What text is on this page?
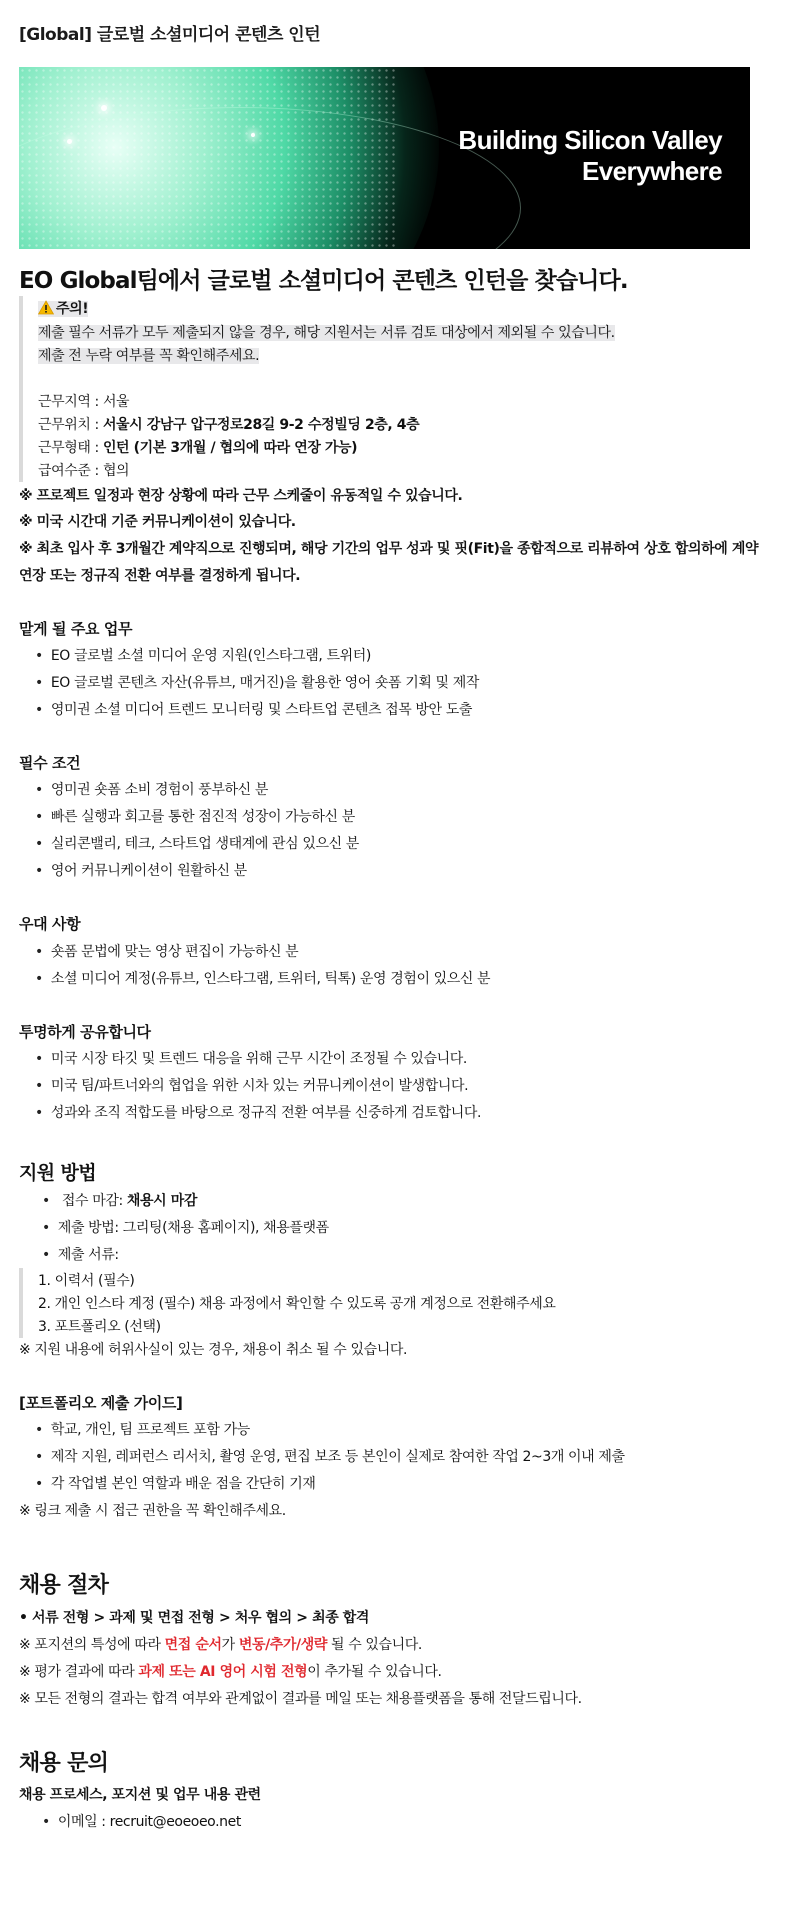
[Global] 글로벌 소셜미디어 콘텐츠 인턴
Building Silicon Valley
Everywhere
EO Global팀에서 글로벌 소셜미디어 콘텐츠 인턴을 찾습니다.
주의!
제출 필수 서류가 모두 제출되지 않을 경우, 해당 지원서는 서류 검토 대상에서 제외될 수 있습니다.
제출 전 누락 여부를 꼭 확인해주세요.
근무지역 : 서울
근무위치 : 서울시 강남구 압구정로28길 9-2 수정빌딩 2층, 4층
근무형태 : 인턴 (기본 3개월 / 협의에 따라 연장 가능)
급여수준 : 협의
※ 프로젝트 일정과 현장 상황에 따라 근무 스케줄이 유동적일 수 있습니다.
※ 미국 시간대 기준 커뮤니케이션이 있습니다.
※ 최초 입사 후 3개월간 계약직으로 진행되며, 해당 기간의 업무 성과 및 핏(Fit)을 종합적으로 리뷰하여 상호 합의하에 계약
연장 또는 정규직 전환 여부를 결정하게 됩니다.
맡게 될 주요 업무
• EO 글로벌 소셜 미디어 운영 지원(인스타그램, 트위터)
• EO 글로벌 콘텐츠 자산(유튜브, 매거진)을 활용한 영어 숏폼 기획 및 제작
• 영미권 소셜 미디어 트렌드 모니터링 및 스타트업 콘텐츠 접목 방안 도출
필수 조건
• 영미권 숏폼 소비 경험이 풍부하신 분
• 빠른 실행과 회고를 통한 점진적 성장이 가능하신 분
• 실리콘밸리, 테크, 스타트업 생태계에 관심 있으신 분
• 영어 커뮤니케이션이 원활하신 분
우대 사항
• 숏폼 문법에 맞는 영상 편집이 가능하신 분
• 소셜 미디어 계정(유튜브, 인스타그램, 트위터, 틱톡) 운영 경험이 있으신 분
투명하게 공유합니다
• 미국 시장 타깃 및 트렌드 대응을 위해 근무 시간이 조정될 수 있습니다.
• 미국 팀/파트너와의 협업을 위한 시차 있는 커뮤니케이션이 발생합니다.
• 성과와 조직 적합도를 바탕으로 정규직 전환 여부를 신중하게 검토합니다.
지원 방법
• 접수 마감: 채용시 마감
• 제출 방법: 그리팅(채용 홈페이지), 채용플랫폼
• 제출 서류:
1. 이력서 (필수)
2. 개인 인스타 계정 (필수) 채용 과정에서 확인할 수 있도록 공개 계정으로 전환해주세요
3. 포트폴리오 (선택)
※ 지원 내용에 허위사실이 있는 경우, 채용이 취소 될 수 있습니다.
[포트폴리오 제출 가이드]
• 학교, 개인, 팀 프로젝트 포함 가능
• 제작 지원, 레퍼런스 리서치, 촬영 운영, 편집 보조 등 본인이 실제로 참여한 작업 2~3개 이내 제출
• 각 작업별 본인 역할과 배운 점을 간단히 기재
※ 링크 제출 시 접근 권한을 꼭 확인해주세요.
채용 절차
• 서류 전형 > 과제 및 면접 전형 > 처우 협의 > 최종 합격
※ 포지션의 특성에 따라 면접 순서가 변동/추가/생략 될 수 있습니다.
※ 평가 결과에 따라 과제 또는 AI 영어 시험 전형이 추가될 수 있습니다.
※ 모든 전형의 결과는 합격 여부와 관계없이 결과를 메일 또는 채용플랫폼을 통해 전달드립니다.
채용 문의
채용 프로세스, 포지션 및 업무 내용 관련
• 이메일 : recruit@eoeoeo.net
